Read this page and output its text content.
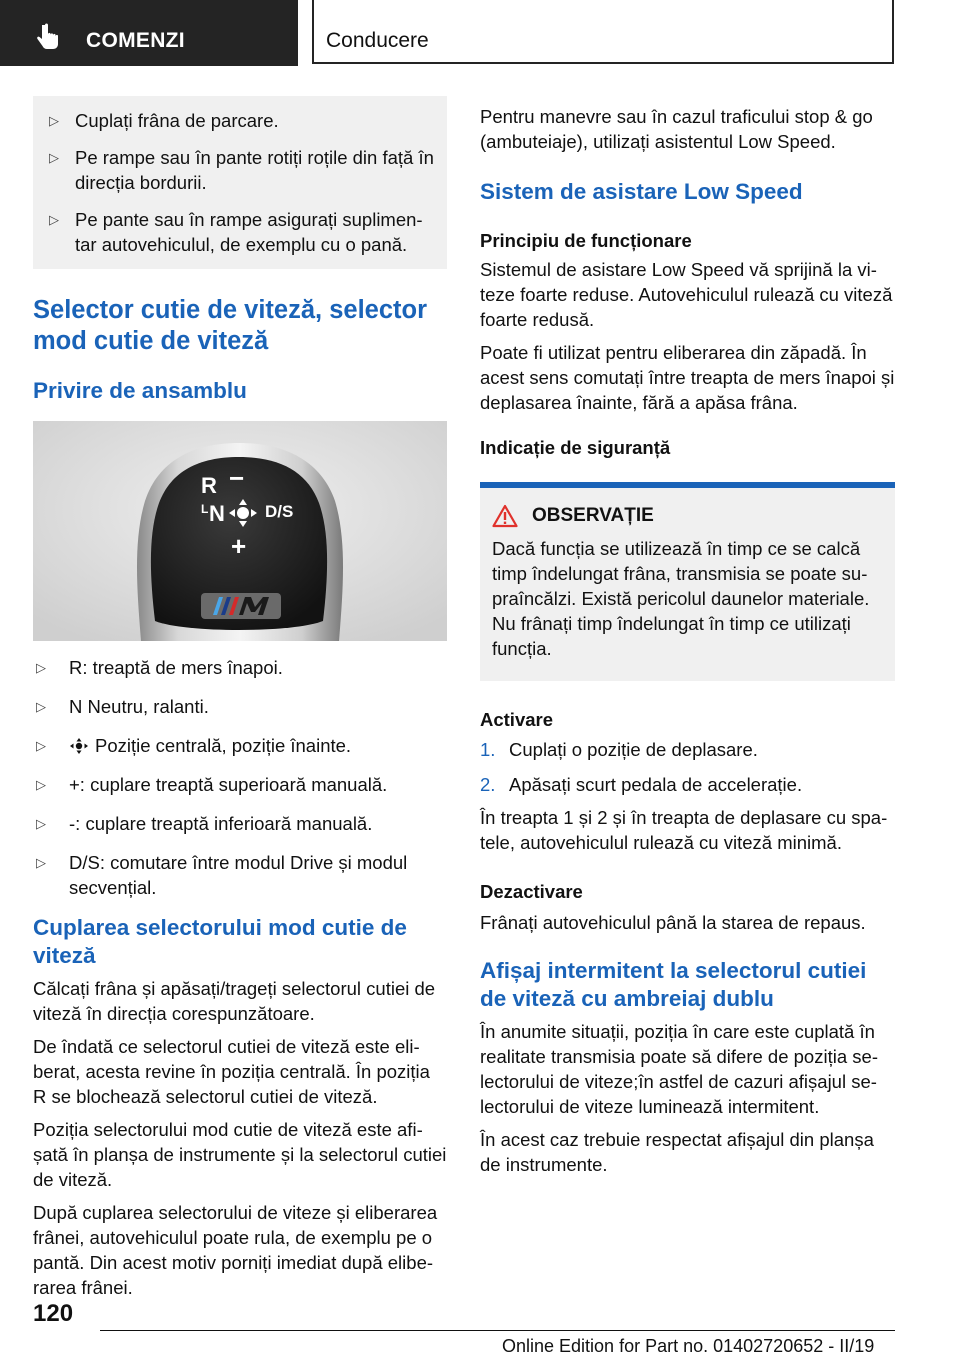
COMENZI	Conducere
▷ Cuplați frâna de parcare.
▷ Pe rampe sau în pante rotiți roțile din față în direcția bordurii.
▷ Pe pante sau în rampe asigurați suplimentar autovehiculul, de exemplu cu o pană.
Selector cutie de viteză, selector mod cutie de viteză
Privire de ansamblu
R −
L N D/S
+
▷ R: treaptă de mers înapoi.
▷ N Neutru, ralanti.
▷	Poziție centrală, poziție înainte.
▷ +: cuplare treaptă superioară manuală.
▷ -: cuplare treaptă inferioară manuală.
▷ D/S: comutare între modul Drive și modul secvențial.
Cuplarea selectorului mod cutie de viteză

Călcați frâna și apăsați/trageți selectorul cutiei de viteză în direcția corespunzătoare.

De îndată ce selectorul cutiei de viteză este eliberat, acesta revine în poziția centrală. În poziția R se blochează selectorul cutiei de viteză.

Poziția selectorului mod cutie de viteză este afișată în planșa de instrumente și la selectorul cutiei de viteză.

După cuplarea selectorului de viteze și eliberarea frânei, autovehiculul poate rula, de exemplu pe o pantă. Din acest motiv porniți imediat după eliberarea frânei.

Pentru manevre sau în cazul traficului stop & go (ambuteiaje), utilizați asistentul Low Speed.

Sistem de asistare Low Speed
Principiu de funcționare

Sistemul de asistare Low Speed vă sprijină la viteze foarte reduse. Autovehiculul rulează cu viteză foarte redusă.

Poate fi utilizat pentru eliberarea din zăpadă. În acest sens comutați între treapta de mers înapoi și deplasarea înainte, fără a apăsa frâna.

Indicație de siguranță
OBSERVAȚIE

Dacă funcția se utilizează în timp ce se calcă timp îndelungat frâna, transmisia se poate supraîncălzi. Există pericolul daunelor materiale. Nu frânați timp îndelungat în timp ce utilizați funcția.

Activare
1. Cuplați o poziție de deplasare.
2. Apăsați scurt pedala de accelerație.

În treapta 1 și 2 și în treapta de deplasare cu spatele, autovehiculul rulează cu viteză minimă.

Dezactivare

Frânați autovehiculul până la starea de repaus.

Afișaj intermitent la selectorul cutiei de viteză cu ambreiaj dublu

În anumite situații, poziția în care este cuplată în realitate transmisia poate să difere de poziția selectorului de viteze;în astfel de cazuri afișajul selectorului de viteze luminează intermitent.

În acest caz trebuie respectat afișajul din planșa de instrumente.

120
Online Edition for Part no. 01402720652 - II/19
